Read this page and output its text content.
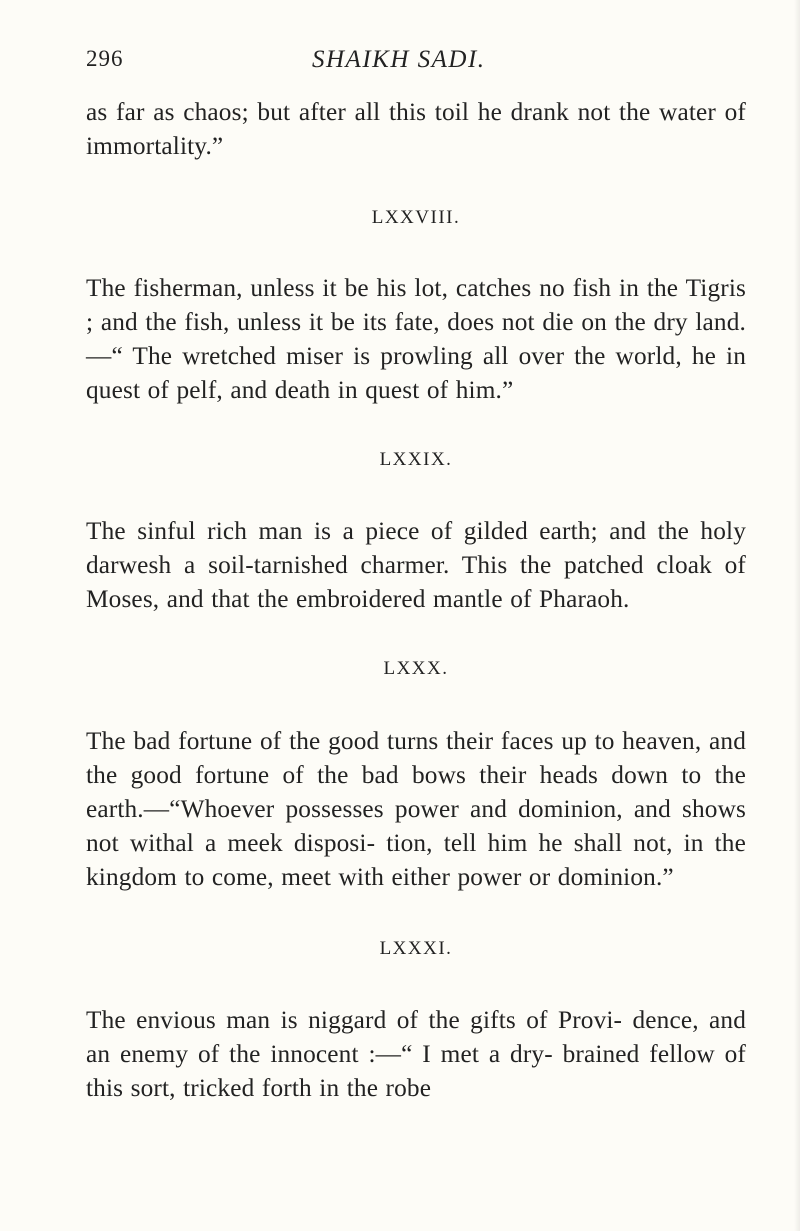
296	SHAIKH SADI.

as far as chaos; but after all this toil he drank not the water of immortality.”

LXXVIII.

The fisherman, unless it be his lot, catches no fish in the Tigris ; and the fish, unless it be its fate, does not die on the dry land.—“ The wretched miser is prowling all over the world, he in quest of pelf, and death in quest of him.”

LXXIX.

The sinful rich man is a piece of gilded earth; and the holy darwesh a soil-tarnished charmer. This the patched cloak of Moses, and that the embroidered mantle of Pharaoh.

LXXX.

The bad fortune of the good turns their faces up to heaven, and the good fortune of the bad bows their heads down to the earth.—“Whoever possesses power and dominion, and shows not withal a meek disposi- tion, tell him he shall not, in the kingdom to come, meet with either power or dominion.”

LXXXI.

The envious man is niggard of the gifts of Provi- dence, and an enemy of the innocent :—“ I met a dry- brained fellow of this sort, tricked forth in the robe
